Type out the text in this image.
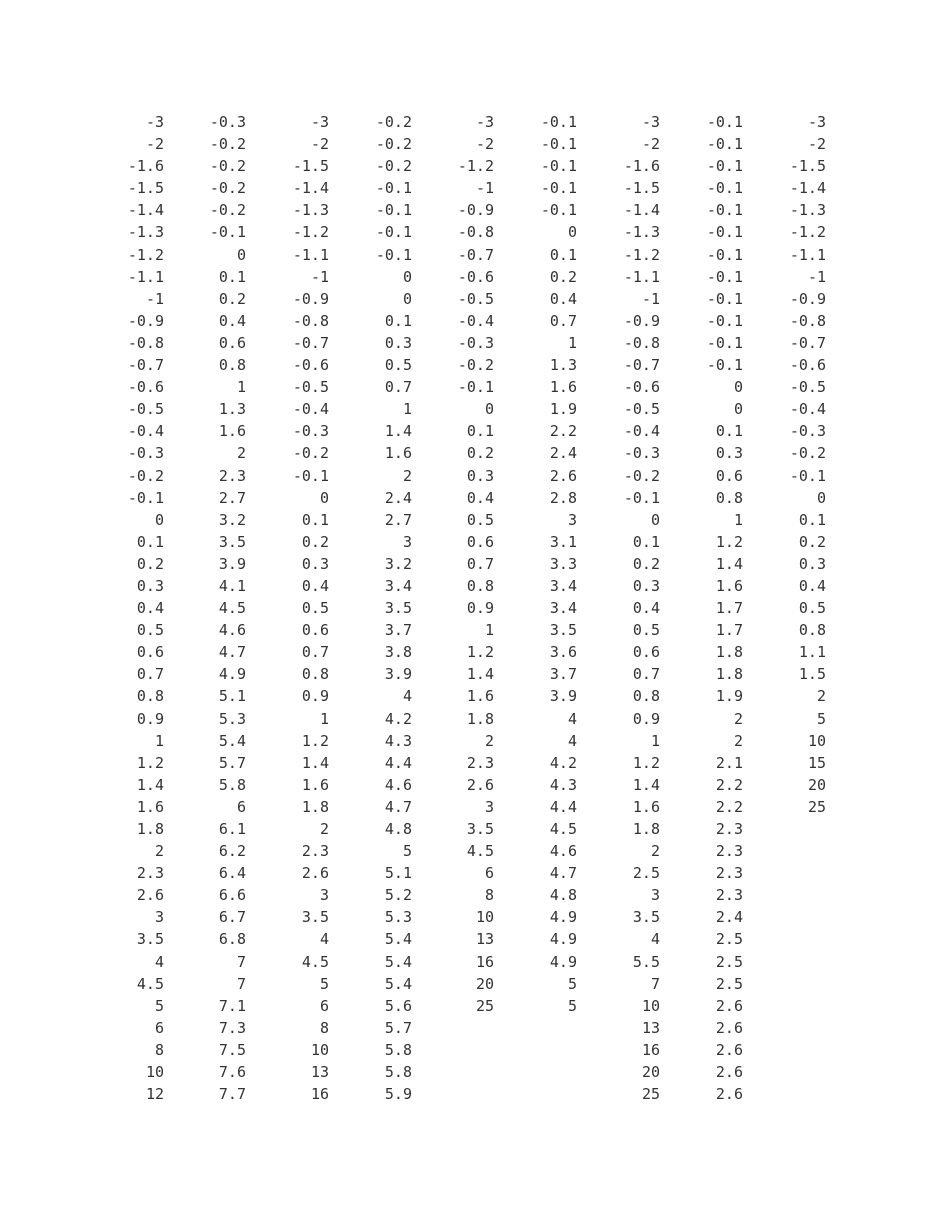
-3
-2
-1.6
-1.5
-1.4
-1.3
-1.2
-1.1
-1
-0.9
-0.8
-0.7
-0.6
-0.5
-0.4
-0.3
-0.2
-0.1
0
0.1
0.2
0.3
0.4
0.5
0.6
0.7
0.8
0.9
1
1.2
1.4
1.6
1.8
2
2.3
2.6
3
3.5
4
4.5
5
6
8
10
12
-0.3
-0.2
-0.2
-0.2
-0.2
-0.1
0
0.1
0.2
0.4
0.6
0.8
1
1.3
1.6
2
2.3
2.7
3.2
3.5
3.9
4.1
4.5
4.6
4.7
4.9
5.1
5.3
5.4
5.7
5.8
6
6.1
6.2
6.4
6.6
6.7
6.8
7
7
7.1
7.3
7.5
7.6
7.7
-3
-2
-1.5
-1.4
-1.3
-1.2
-1.1
-1
-0.9
-0.8
-0.7
-0.6
-0.5
-0.4
-0.3
-0.2
-0.1
0
0.1
0.2
0.3
0.4
0.5
0.6
0.7
0.8
0.9
1
1.2
1.4
1.6
1.8
2
2.3
2.6
3
3.5
4
4.5
5
6
8
10
13
16
-0.2
-0.2
-0.2
-0.1
-0.1
-0.1
-0.1
0
0
0.1
0.3
0.5
0.7
1
1.4
1.6
2
2.4
2.7
3
3.2
3.4
3.5
3.7
3.8
3.9
4
4.2
4.3
4.4
4.6
4.7
4.8
5
5.1
5.2
5.3
5.4
5.4
5.4
5.6
5.7
5.8
5.8
5.9
-3
-2
-1.2
-1
-0.9
-0.8
-0.7
-0.6
-0.5
-0.4
-0.3
-0.2
-0.1
0
0.1
0.2
0.3
0.4
0.5
0.6
0.7
0.8
0.9
1
1.2
1.4
1.6
1.8
2
2.3
2.6
3
3.5
4.5
6
8
10
13
16
20
25
-0.1
-0.1
-0.1
-0.1
-0.1
0
0.1
0.2
0.4
0.7
1
1.3
1.6
1.9
2.2
2.4
2.6
2.8
3
3.1
3.3
3.4
3.4
3.5
3.6
3.7
3.9
4
4
4.2
4.3
4.4
4.5
4.6
4.7
4.8
4.9
4.9
4.9
5
5
-3
-2
-1.6
-1.5
-1.4
-1.3
-1.2
-1.1
-1
-0.9
-0.8
-0.7
-0.6
-0.5
-0.4
-0.3
-0.2
-0.1
0
0.1
0.2
0.3
0.4
0.5
0.6
0.7
0.8
0.9
1
1.2
1.4
1.6
1.8
2
2.5
3
3.5
4
5.5
7
10
13
16
20
25
-0.1
-0.1
-0.1
-0.1
-0.1
-0.1
-0.1
-0.1
-0.1
-0.1
-0.1
-0.1
0
0
0.1
0.3
0.6
0.8
1
1.2
1.4
1.6
1.7
1.7
1.8
1.8
1.9
2
2
2.1
2.2
2.2
2.3
2.3
2.3
2.3
2.4
2.5
2.5
2.5
2.6
2.6
2.6
2.6
2.6
-3
-2
-1.5
-1.4
-1.3
-1.2
-1.1
-1
-0.9
-0.8
-0.7
-0.6
-0.5
-0.4
-0.3
-0.2
-0.1
0
0.1
0.2
0.3
0.4
0.5
0.8
1.1
1.5
2
5
10
15
20
25
